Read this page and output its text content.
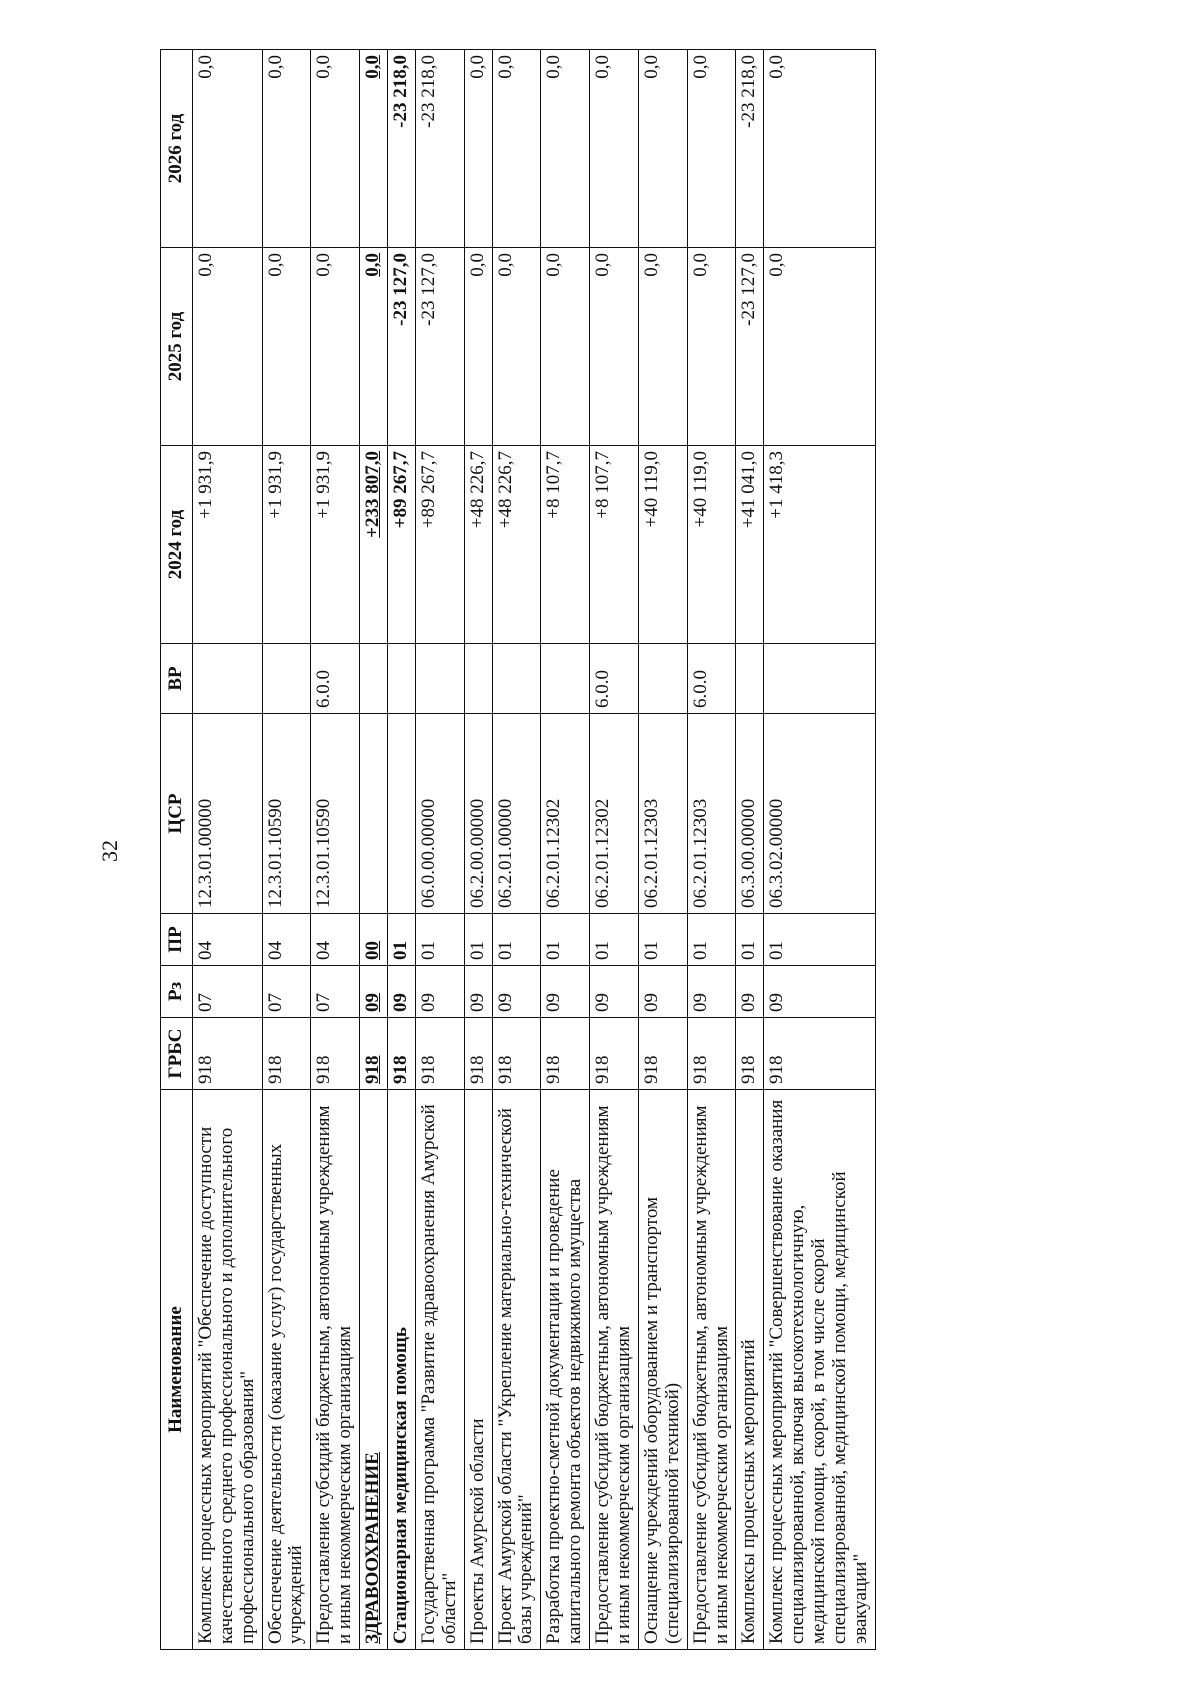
32
Наименование	ГРБС	Рз	ПР	ЦСР	ВР	2024 год	2025 год	2026 год
Комплекс процессных мероприятий "Обеспечение доступности качественного среднего профессионального и дополнительного профессионального образования"	918	07	04	12.3.01.00000		+1 931,9	0,0	0,0
Обеспечение деятельности (оказание услуг) государственных учреждений	918	07	04	12.3.01.10590		+1 931,9	0,0	0,0
Предоставление субсидий бюджетным, автономным учреждениям и иным некоммерческим организациям	918	07	04	12.3.01.10590	6.0.0	+1 931,9	0,0	0,0
ЗДРАВООХРАНЕНИЕ	918	09	00			+233 807,0	0,0	0,0
Стационарная медицинская помощь	918	09	01			+89 267,7	-23 127,0	-23 218,0
Государственная программа "Развитие здравоохранения Амурской области"	918	09	01	06.0.00.00000		+89 267,7	-23 127,0	-23 218,0
Проекты Амурской области	918	09	01	06.2.00.00000		+48 226,7	0,0	0,0
Проект Амурской области "Укрепление материально-технической базы учреждений"	918	09	01	06.2.01.00000		+48 226,7	0,0	0,0
Разработка проектно-сметной документации и проведение капитального ремонта объектов недвижимого имущества	918	09	01	06.2.01.12302		+8 107,7	0,0	0,0
Предоставление субсидий бюджетным, автономным учреждениям и иным некоммерческим организациям	918	09	01	06.2.01.12302	6.0.0	+8 107,7	0,0	0,0
Оснащение учреждений оборудованием и транспортом (специализированной техникой)	918	09	01	06.2.01.12303		+40 119,0	0,0	0,0
Предоставление субсидий бюджетным, автономным учреждениям и иным некоммерческим организациям	918	09	01	06.2.01.12303	6.0.0	+40 119,0	0,0	0,0
Комплексы процессных мероприятий	918	09	01	06.3.00.00000		+41 041,0	-23 127,0	-23 218,0
Комплекс процессных мероприятий "Совершенствование оказания специализированной, включая высокотехнологичную, медицинской помощи, скорой, в том числе скорой специализированной, медицинской помощи, медицинской эвакуации"	918	09	01	06.3.02.00000		+1 418,3	0,0	0,0
